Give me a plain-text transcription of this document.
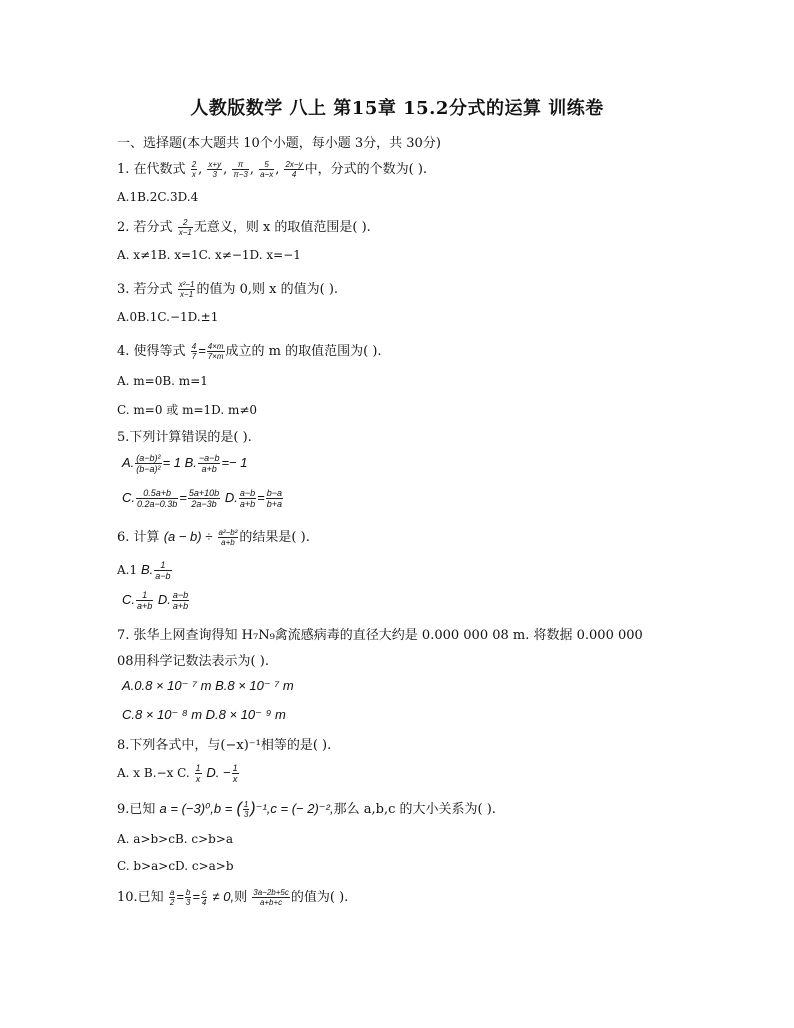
人教版数学 八上 第15章 15.2分式的运算 训练卷
一、选择题(本大题共 10个小题，每小题 3分，共 30分)
1. 在代数式 $\frac{2}{x}$ , $\frac{x+y}{3}$ , $\frac{\pi}{\pi-3}$ , $\frac{5}{a-x}$ , $\frac{2x-y}{4}$ 中，分式的个数为( ).
A.1B.2C.3D.4
2. 若分式 $\frac{2}{x-1}$ 无意义，则 x 的取值范围是( ).
A. x≠1B. x=1C. x≠−1D. x=−1
3. 若分式 $\frac{\text{x²−1}}{x-1}$ 的值为 0,则 x 的值为( ).
A.0B.1C.−1D.±1
4. 使得等式 $\frac{4}{7} = \frac{4\times m}{7\times m}$ 成立的 m 的取值范围为( ).
A. m=0B. m=1
C. m=0 或 m=1D. m≠0
5.下列计算错误的是( ).
A. $\frac{\text{(a−b)²}}{\text{(b−a)²}} = 1$ B. $\frac{-a-b}{a+b} =- 1$
C. $\frac{0.5a+b}{0.2a-0.3b} = \frac{5a+10b}{2a-3b} D$. $\frac{a-b}{a+b} = \frac{b-a}{b+a}$
6. 计算 $(a - b) \div \frac{\text{a²−b²}}{a+b}$ 的结果是( ).
A.1 B. $\frac{1}{a-b}$
C. $\frac{1}{a+b} D$. $\frac{a-b}{a+b}$
7. 张华上网查询得知 H₇N₉禽流感病毒的直径大约是 0.000 000 08 m. 将数据 0.000 000
08用科学记数法表示为( ).
A.0.8 × 10⁻ ⁷ m B.8 × 10⁻ ⁷ m
C.8 × 10⁻ ⁸ m D.8 × 10⁻ ⁹ m
8.下列各式中，与(−x)⁻¹相等的是( ).
A. x B.−x C. $\frac{1}{x} D$. − $\frac{1}{x}$
9.已知 a = (−3)⁰,b = ( $\frac{1}{3} )^{-1},c$ = (− 2)⁻²,那么 a,b,c 的大小关系为( ).
A. a>b>cB. c>b>a
C. b>a>cD. c>a>b
10.已知 $\frac{a}{2} = \frac{b}{3} = \frac{c}{4} \ne 0$,则 $\frac{3a-2b+5c}{a+b+c}$ 的值为( ).
